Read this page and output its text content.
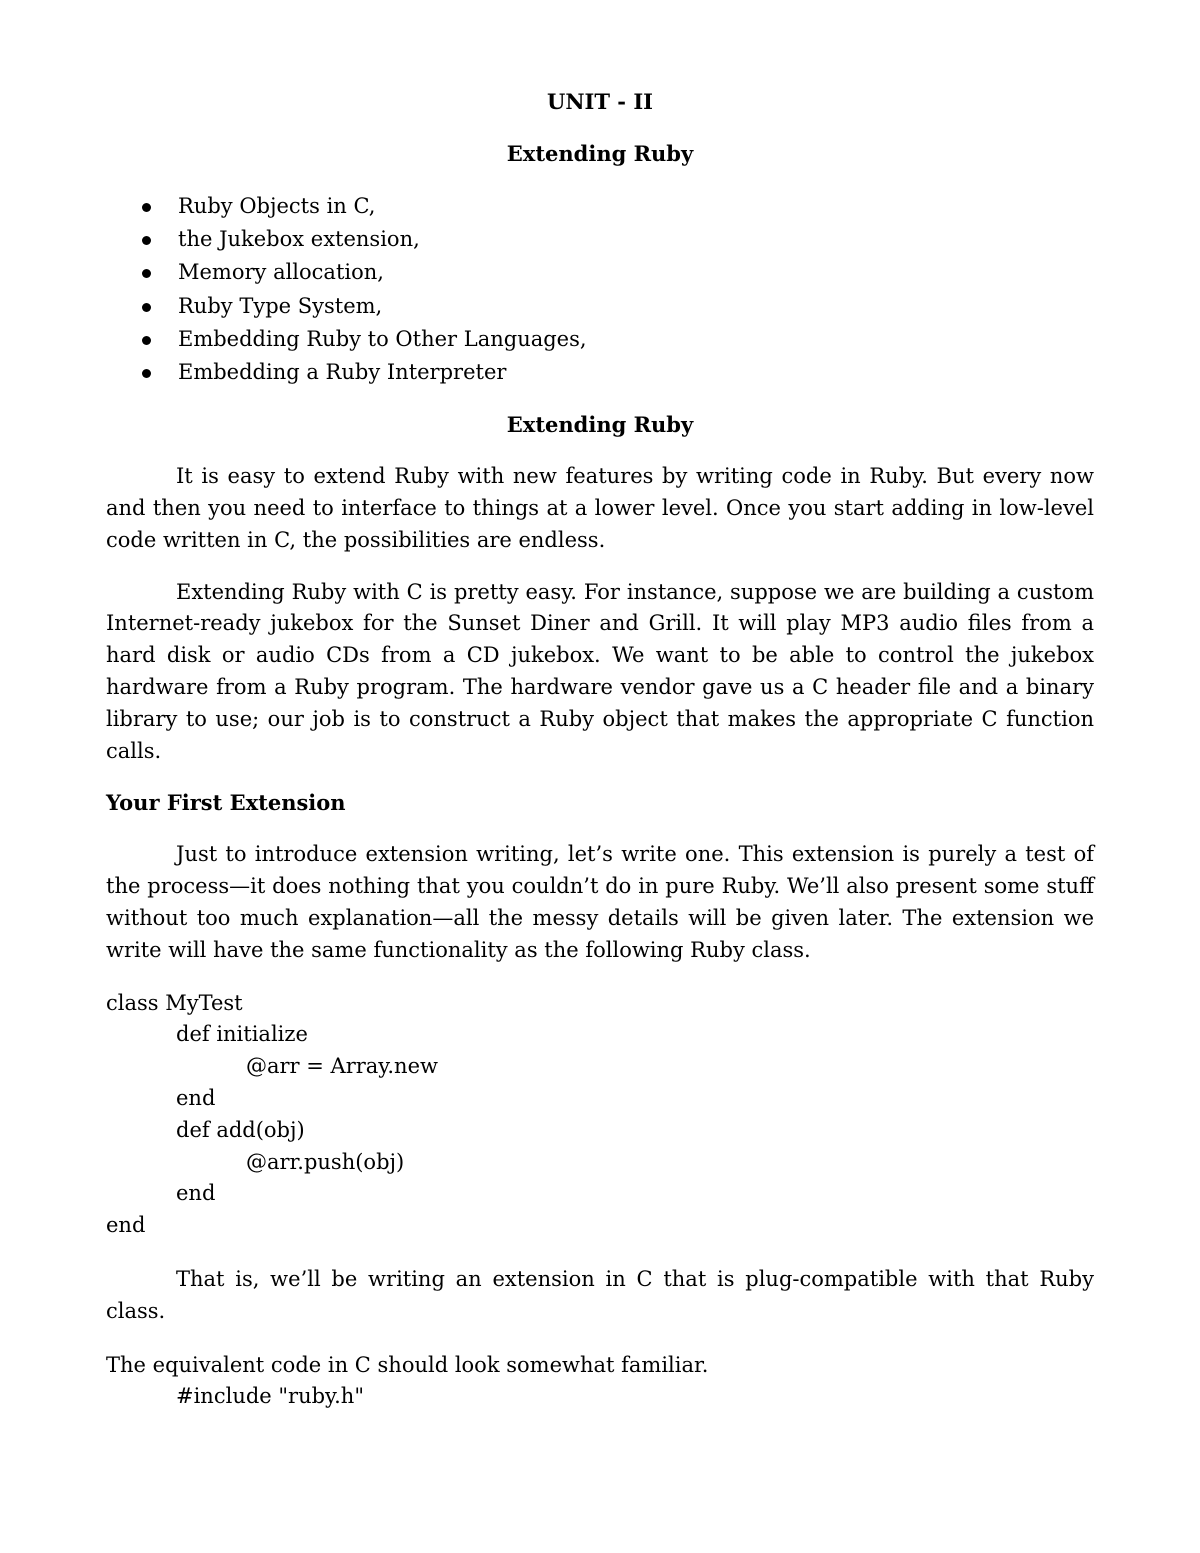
UNIT - II
Extending Ruby
Ruby Objects in C,
the Jukebox extension,
Memory allocation,
Ruby Type System,
Embedding Ruby to Other Languages,
Embedding a Ruby Interpreter
Extending Ruby

It is easy to extend Ruby with new features by writing code in Ruby. But every now and then you need to interface to things at a lower level. Once you start adding in low-level code written in C, the possibilities are endless.

Extending Ruby with C is pretty easy. For instance, suppose we are building a custom Internet-ready jukebox for the Sunset Diner and Grill. It will play MP3 audio files from a hard disk or audio CDs from a CD jukebox. We want to be able to control the jukebox hardware from a Ruby program. The hardware vendor gave us a C header file and a binary library to use; our job is to construct a Ruby object that makes the appropriate C function calls.

Your First Extension

Just to introduce extension writing, let’s write one. This extension is purely a test of the process—it does nothing that you couldn’t do in pure Ruby. We’ll also present some stuff without too much explanation—all the messy details will be given later. The extension we write will have the same functionality as the following Ruby class.

class MyTest
def initialize
@arr = Array.new
end
def add(obj)
@arr.push(obj)
end
end

That is, we’ll be writing an extension in C that is plug-compatible with that Ruby class.

The equivalent code in C should look somewhat familiar.

#include "ruby.h"
